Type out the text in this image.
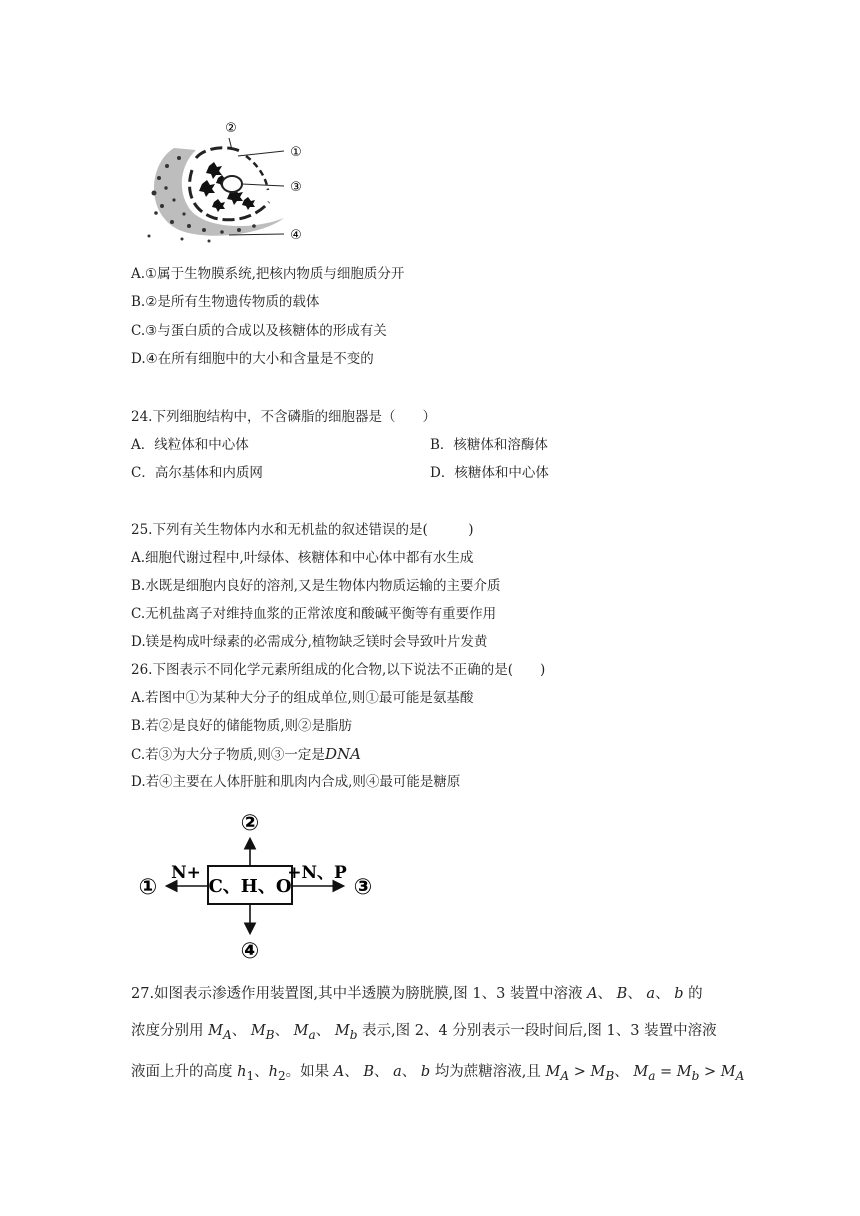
②
①
③
④
A.①属于生物膜系统,把核内物质与细胞质分开
B.②是所有生物遗传物质的载体
C.③与蛋白质的合成以及核糖体的形成有关
D.④在所有细胞中的大小和含量是不变的
24.下列细胞结构中，不含磷脂的细胞器是（　　）
A．线粒体和中心体	B．核糖体和溶酶体
C．高尔基体和内质网	D．核糖体和中心体
25.下列有关生物体内水和无机盐的叙述错误的是(　　　)
A.细胞代谢过程中,叶绿体、核糖体和中心体中都有水生成
B.水既是细胞内良好的溶剂,又是生物体内物质运输的主要介质
C.无机盐离子对维持血浆的正常浓度和酸碱平衡等有重要作用
D.镁是构成叶绿素的必需成分,植物缺乏镁时会导致叶片发黄
26.下图表示不同化学元素所组成的化合物,以下说法不正确的是(　　)
A.若图中①为某种大分子的组成单位,则①最可能是氨基酸
B.若②是良好的储能物质,则②是脂肪
C.若③为大分子物质,则③一定是DNA
D.若④主要在人体肝脏和肌肉内合成,则④最可能是糖原
C、H、O
②
④
N+
①
+N、P
③
27.如图表示渗透作用装置图,其中半透膜为膀胱膜,图 1、3 装置中溶液 A、 B、 a、 b 的
浓度分别用 $M_A$、 $M_B$、 $M_a$、 $M_b$ 表示,图 2、4 分别表示一段时间后,图 1、3 装置中溶液
液面上升的高度 $h_1$、$h_2$。如果 A、 B、 a、 b 均为蔗糖溶液,且 $M_A > M_B$、 $M_a = M_b > M_A$
